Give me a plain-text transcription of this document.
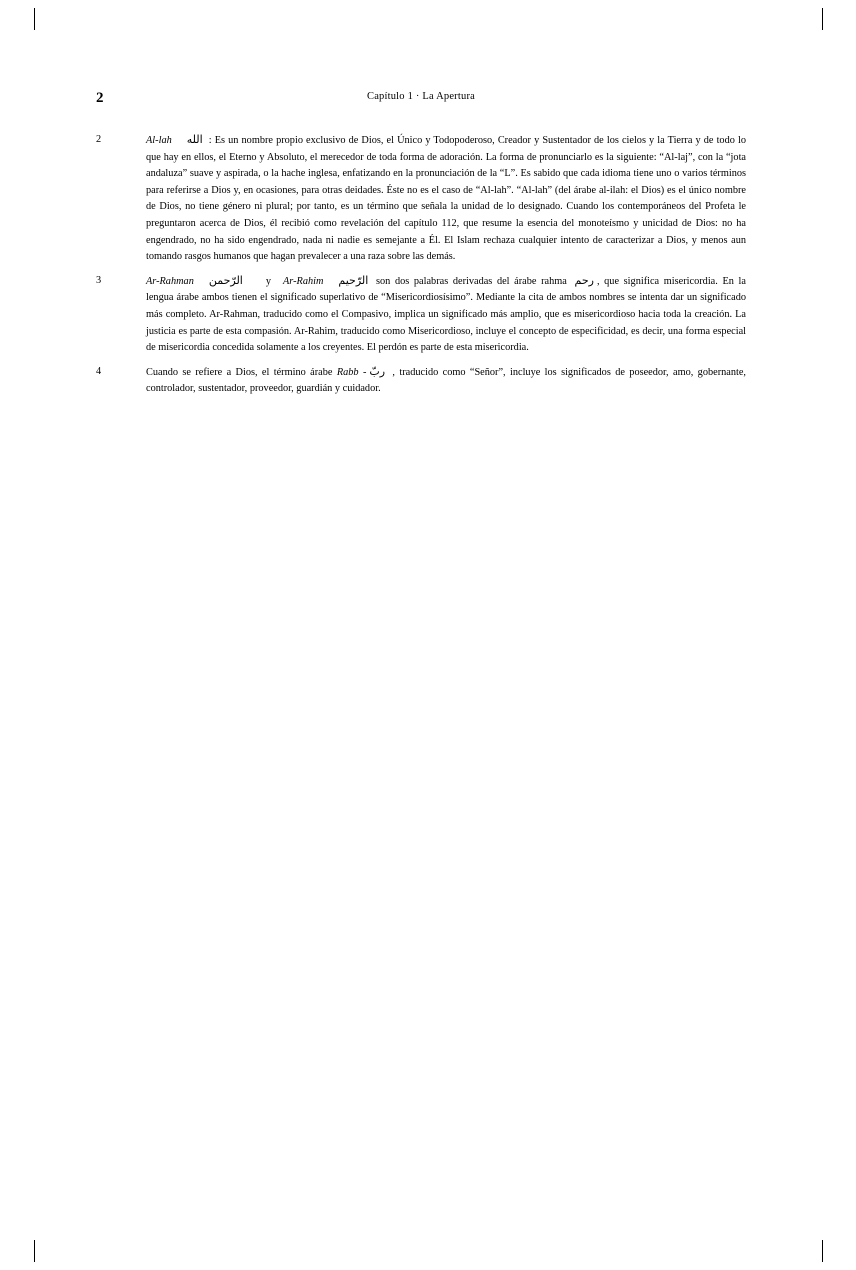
2	Capítulo 1 · La Apertura
2	Al-lah الله : Es un nombre propio exclusivo de Dios, el Único y Todopoderoso, Creador y Sustentador de los cielos y la Tierra y de todo lo que hay en ellos, el Eterno y Absoluto, el merecedor de toda forma de adoración. La forma de pronunciarlo es la siguiente: “Al-laj”, con la “jota andaluza” suave y aspirada, o la hache inglesa, enfatizando en la pronunciación de la “L”. Es sabido que cada idioma tiene uno o varios términos para referirse a Dios y, en ocasiones, para otras deidades. Éste no es el caso de “Al-lah”. “Al-lah” (del árabe al-ilah: el Dios) es el único nombre de Dios, no tiene género ni plural; por tanto, es un término que señala la unidad de lo designado. Cuando los contemporáneos del Profeta le preguntaron acerca de Dios, él recibió como revelación del capítulo 112, que resume la esencia del monoteísmo y unicidad de Dios: no ha engendrado, no ha sido engendrado, nada ni nadie es semejante a Él. El Islam rechaza cualquier intento de caracterizar a Dios, y menos aun tomando rasgos humanos que hagan prevalecer a una raza sobre las demás.
3	Ar-Rahman الرّحمن y Ar-Rahim الرّحيم son dos palabras derivadas del árabe rahma رحم , que significa misericordia. En la lengua árabe ambos tienen el significado superlativo de “Misericordiosísimo”. Mediante la cita de ambos nombres se intenta dar un significado más completo. Ar-Rahman, traducido como el Compasivo, implica un significado más amplio, que es misericordioso hacia toda la creación. La justicia es parte de esta compasión. Ar-Rahim, traducido como Misericordioso, incluye el concepto de especificidad, es decir, una forma especial de misericordia concedida solamente a los creyentes. El perdón es parte de esta misericordia.
4	Cuando se refiere a Dios, el término árabe Rabb - ربّ , traducido como “Señor”, incluye los significados de poseedor, amo, gobernante, controlador, sustentador, proveedor, guardián y cuidador.
